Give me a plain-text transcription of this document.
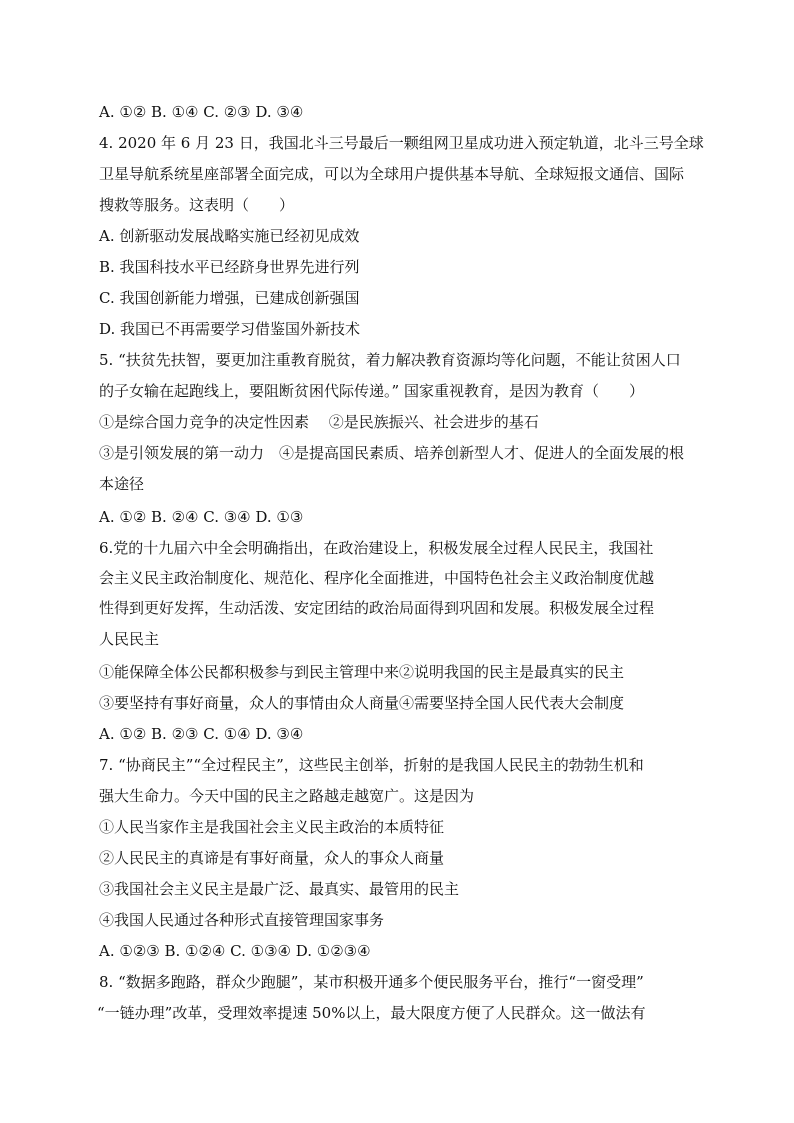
A. ①② B. ①④ C. ②③ D. ③④
4. 2020 年 6 月 23 日，我国北斗三号最后一颗组网卫星成功进入预定轨道，北斗三号全球
卫星导航系统星座部署全面完成，可以为全球用户提供基本导航、全球短报文通信、国际
搜救等服务。这表明（　　）
A. 创新驱动发展战略实施已经初见成效
B. 我国科技水平已经跻身世界先进行列
C. 我国创新能力增强，已建成创新强国
D. 我国已不再需要学习借鉴国外新技术
5. “扶贫先扶智，要更加注重教育脱贫，着力解决教育资源均等化问题，不能让贫困人口
的子女输在起跑线上，要阻断贫困代际传递。” 国家重视教育，是因为教育（　　）
①是综合国力竞争的决定性因素　 ②是民族振兴、社会进步的基石
③是引领发展的第一动力　④是提高国民素质、培养创新型人才、促进人的全面发展的根
本途径
A. ①② B. ②④ C. ③④ D. ①③
6.党的十九届六中全会明确指出，在政治建设上，积极发展全过程人民民主，我国社
会主义民主政治制度化、规范化、程序化全面推进，中国特色社会主义政治制度优越
性得到更好发挥，生动活泼、安定团结的政治局面得到巩固和发展。积极发展全过程
人民民主
①能保障全体公民都积极参与到民主管理中来②说明我国的民主是最真实的民主
③要坚持有事好商量，众人的事情由众人商量④需要坚持全国人民代表大会制度
A. ①② B. ②③ C. ①④ D. ③④
7. “协商民主”“全过程民主”，这些民主创举，折射的是我国人民民主的勃勃生机和
强大生命力。今天中国的民主之路越走越宽广。这是因为
①人民当家作主是我国社会主义民主政治的本质特征
②人民民主的真谛是有事好商量，众人的事众人商量
③我国社会主义民主是最广泛、最真实、最管用的民主
④我国人民通过各种形式直接管理国家事务
A. ①②③ B. ①②④ C. ①③④ D. ①②③④
8. “数据多跑路，群众少跑腿”，某市积极开通多个便民服务平台，推行“一窗受理”
“一链办理”改革，受理效率提速 50%以上，最大限度方便了人民群众。这一做法有
